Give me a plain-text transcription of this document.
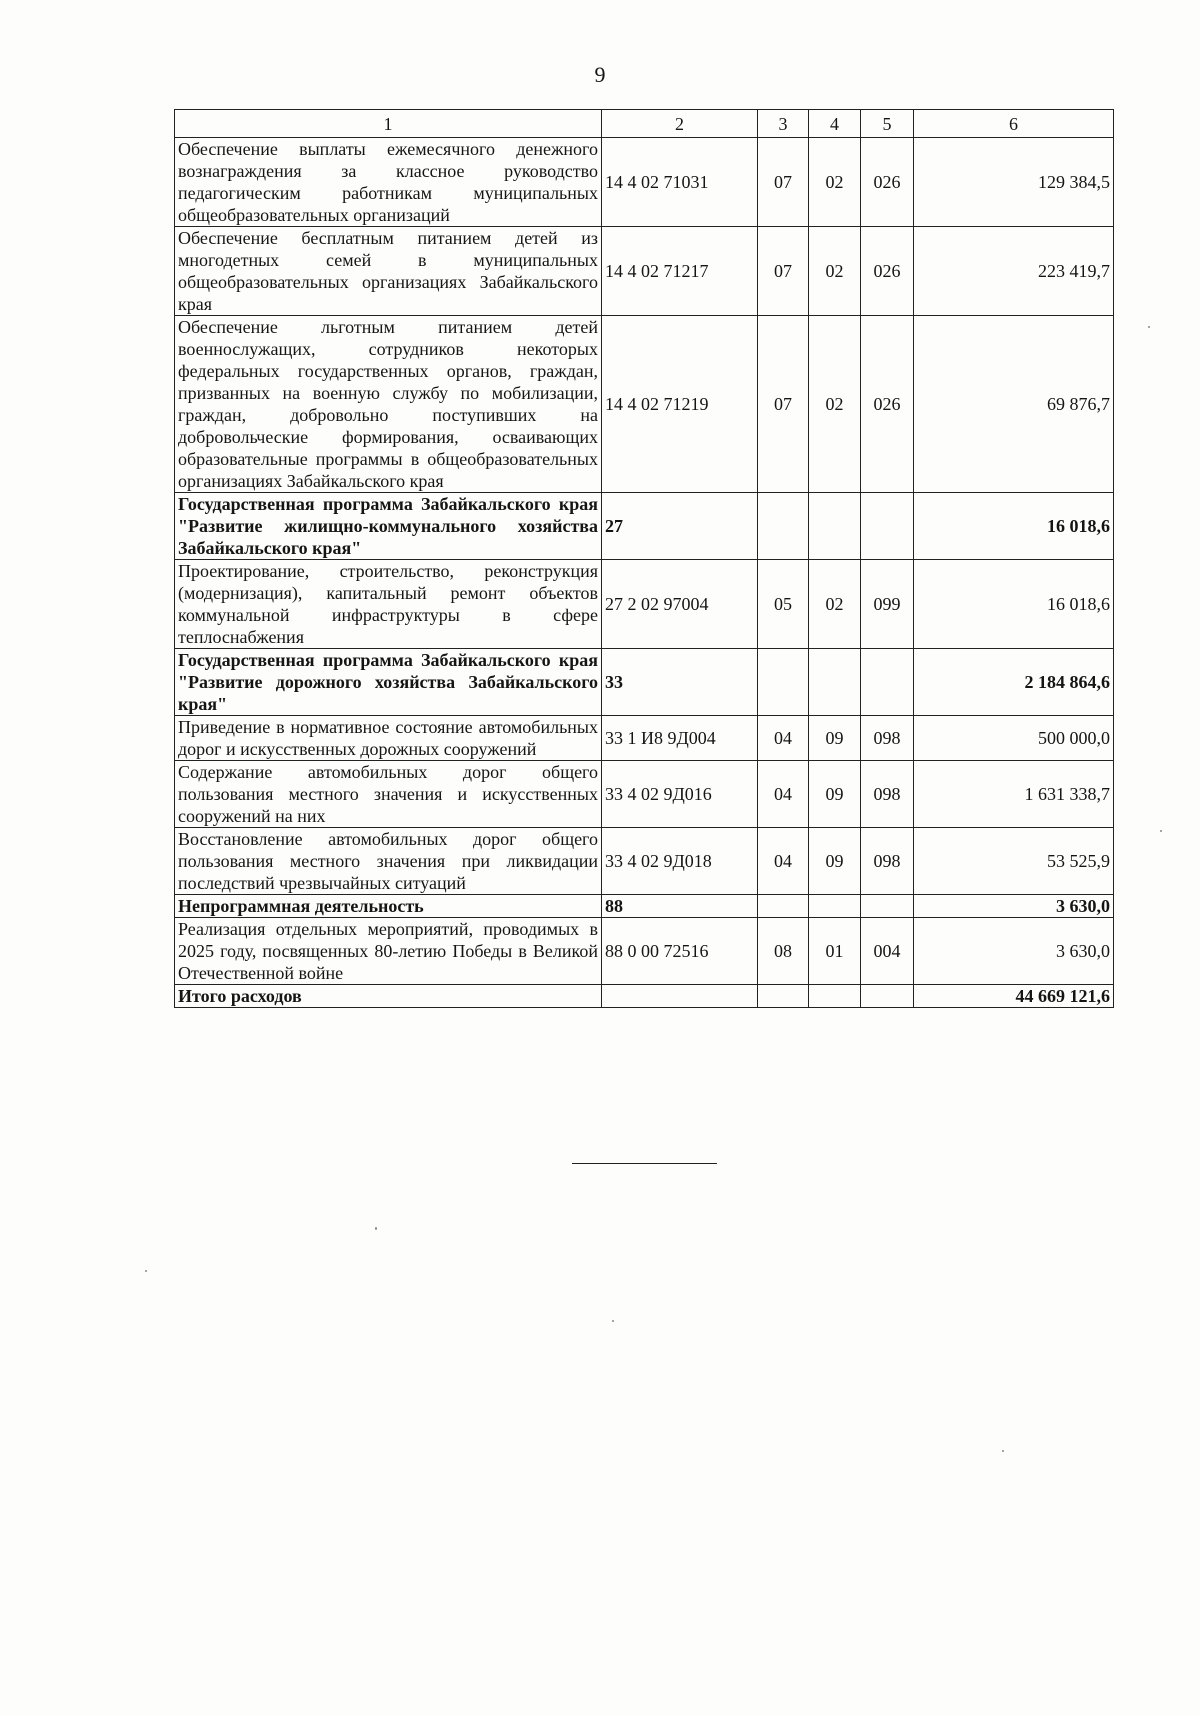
9
1	2	3	4	5	6
Обеспечение выплаты ежемесячного денежного вознаграждения за классное руководство педагогическим работникам муниципальных общеобразовательных организаций	14 4 02 71031	07	02	026	129 384,5
Обеспечение бесплатным питанием детей из многодетных семей в муниципальных общеобразовательных организациях Забайкальского края	14 4 02 71217	07	02	026	223 419,7
Обеспечение льготным питанием детей военнослужащих, сотрудников некоторых федеральных государственных органов, граждан, призванных на военную службу по мобилизации, граждан, добровольно поступивших на добровольческие формирования, осваивающих образовательные программы в общеобразовательных организациях Забайкальского края	14 4 02 71219	07	02	026	69 876,7
Государственная программа Забайкальского края "Развитие жилищно-коммунального хозяйства Забайкальского края"	27				16 018,6
Проектирование, строительство, реконструкция (модернизация), капитальный ремонт объектов коммунальной инфраструктуры в сфере теплоснабжения	27 2 02 97004	05	02	099	16 018,6
Государственная программа Забайкальского края "Развитие дорожного хозяйства Забайкальского края"	33				2 184 864,6
Приведение в нормативное состояние автомобильных дорог и искусственных дорожных сооружений	33 1 И8 9Д004	04	09	098	500 000,0
Содержание автомобильных дорог общего пользования местного значения и искусственных сооружений на них	33 4 02 9Д016	04	09	098	1 631 338,7
Восстановление автомобильных дорог общего пользования местного значения при ликвидации последствий чрезвычайных ситуаций	33 4 02 9Д018	04	09	098	53 525,9
Непрограммная деятельность	88				3 630,0
Реализация отдельных мероприятий, проводимых в 2025 году, посвященных 80-летию Победы в Великой Отечественной войне	88 0 00 72516	08	01	004	3 630,0
Итого расходов					44 669 121,6
